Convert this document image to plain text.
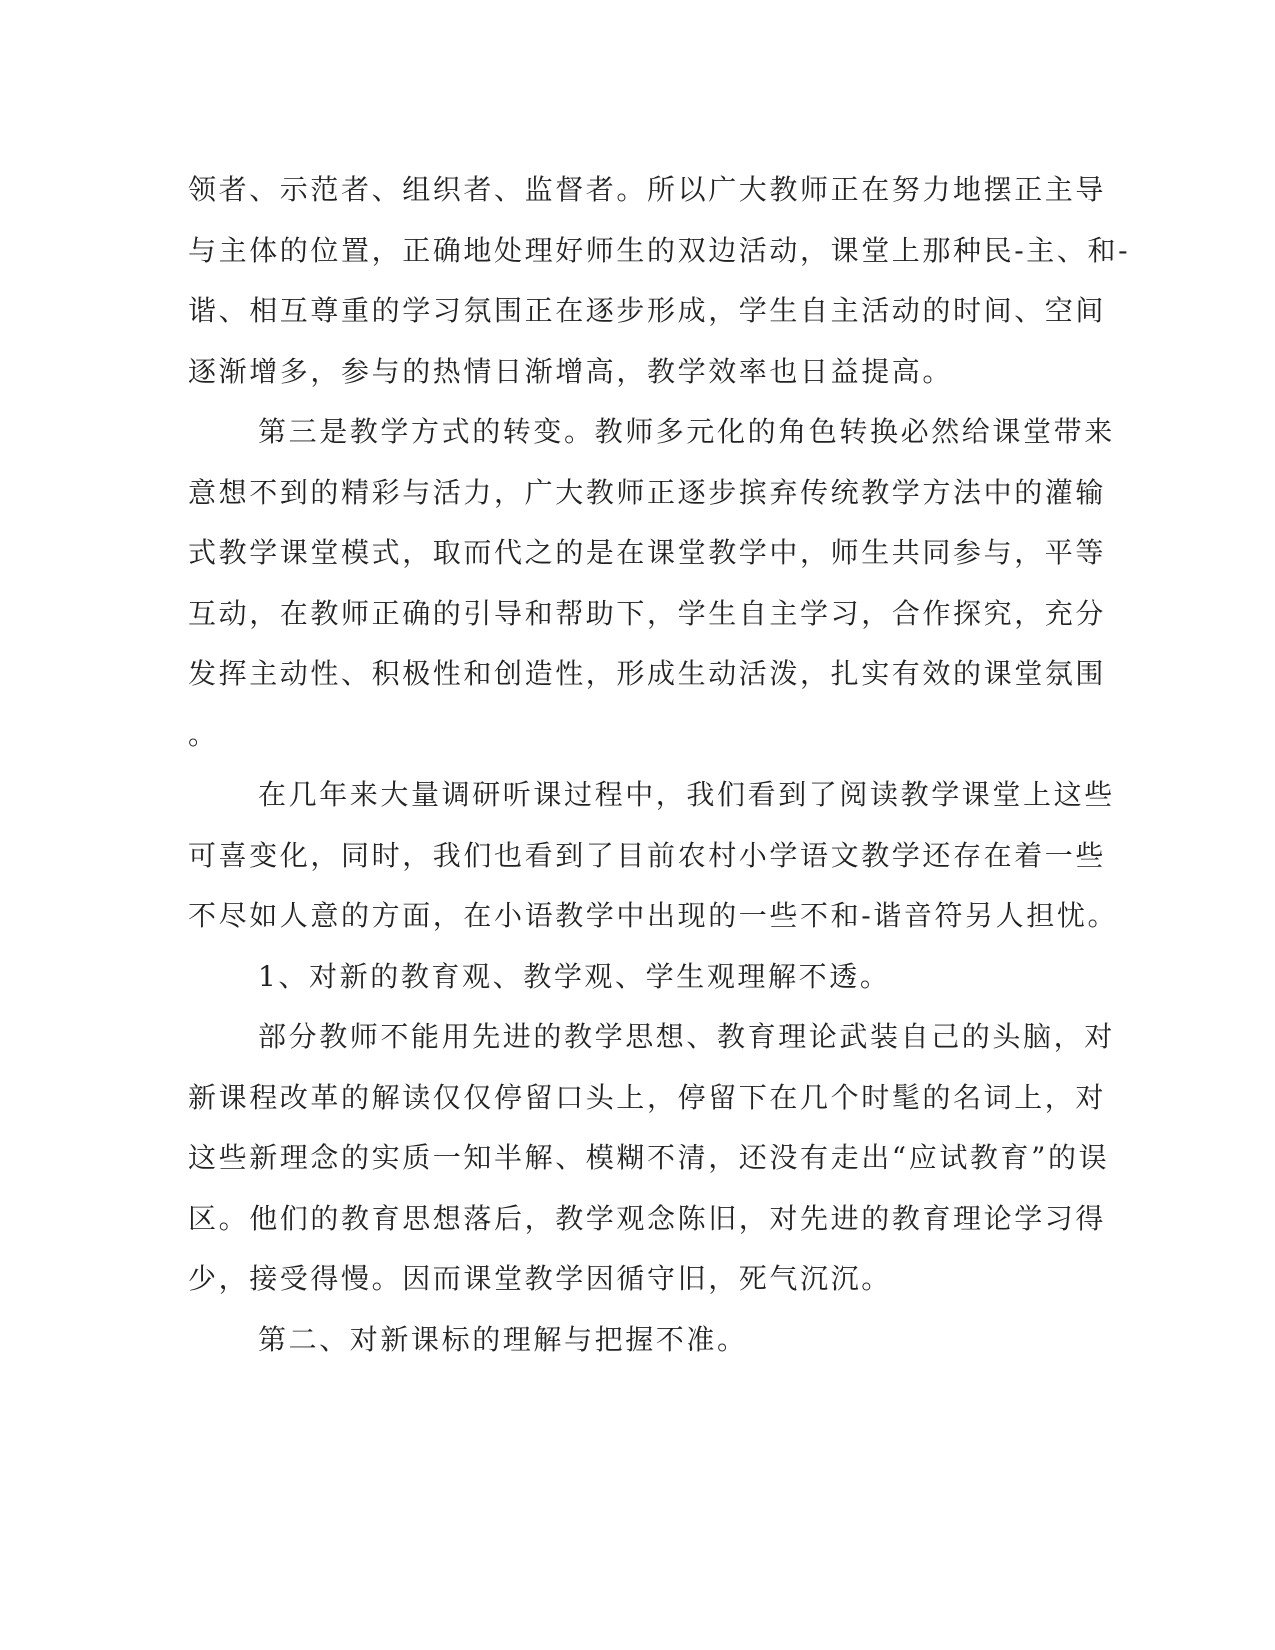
领者、示范者、组织者、监督者。所以广大教师正在努力地摆正主导
与主体的位置，正确地处理好师生的双边活动，课堂上那种民-主、和-
谐、相互尊重的学习氛围正在逐步形成，学生自主活动的时间、空间
逐渐增多，参与的热情日渐增高，教学效率也日益提高。
第三是教学方式的转变。教师多元化的角色转换必然给课堂带来
意想不到的精彩与活力，广大教师正逐步摈弃传统教学方法中的灌输
式教学课堂模式，取而代之的是在课堂教学中，师生共同参与，平等
互动，在教师正确的引导和帮助下，学生自主学习，合作探究，充分
发挥主动性、积极性和创造性，形成生动活泼，扎实有效的课堂氛围
。
在几年来大量调研听课过程中，我们看到了阅读教学课堂上这些
可喜变化，同时，我们也看到了目前农村小学语文教学还存在着一些
不尽如人意的方面，在小语教学中出现的一些不和-谐音符另人担忧。
1、对新的教育观、教学观、学生观理解不透。
部分教师不能用先进的教学思想、教育理论武装自己的头脑，对
新课程改革的解读仅仅停留口头上，停留下在几个时髦的名词上，对
这些新理念的实质一知半解、模糊不清，还没有走出“应试教育”的误
区。他们的教育思想落后，教学观念陈旧，对先进的教育理论学习得
少，接受得慢。因而课堂教学因循守旧，死气沉沉。
第二、对新课标的理解与把握不准。
